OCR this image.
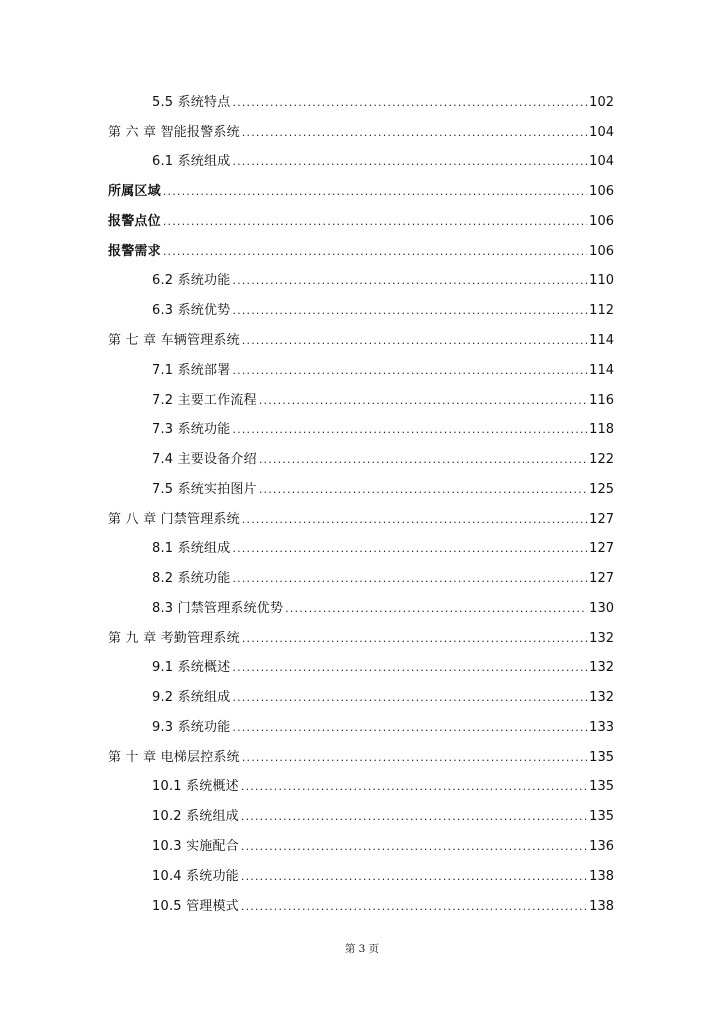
5.5 系统特点 .....	102
第 六 章 智能报警系统 .....	104
6.1 系统组成 .....	104
所属区域 .....	106
报警点位 .....	106
报警需求 .....	106
6.2 系统功能 .....	110
6.3 系统优势 .....	112
第 七 章 车辆管理系统 .....	114
7.1 系统部署 .....	114
7.2 主要工作流程 .....	116
7.3 系统功能 .....	118
7.4 主要设备介绍 .....	122
7.5 系统实拍图片 .....	125
第 八 章 门禁管理系统 .....	127
8.1 系统组成 .....	127
8.2 系统功能 .....	127
8.3 门禁管理系统优势 .....	130
第 九 章 考勤管理系统 .....	132
9.1 系统概述 .....	132
9.2 系统组成 .....	132
9.3 系统功能 .....	133
第 十 章 电梯层控系统 .....	135
10.1 系统概述 .....	135
10.2 系统组成 .....	135
10.3 实施配合 .....	136
10.4 系统功能 .....	138
10.5 管理模式 .....	138
第 3 页
